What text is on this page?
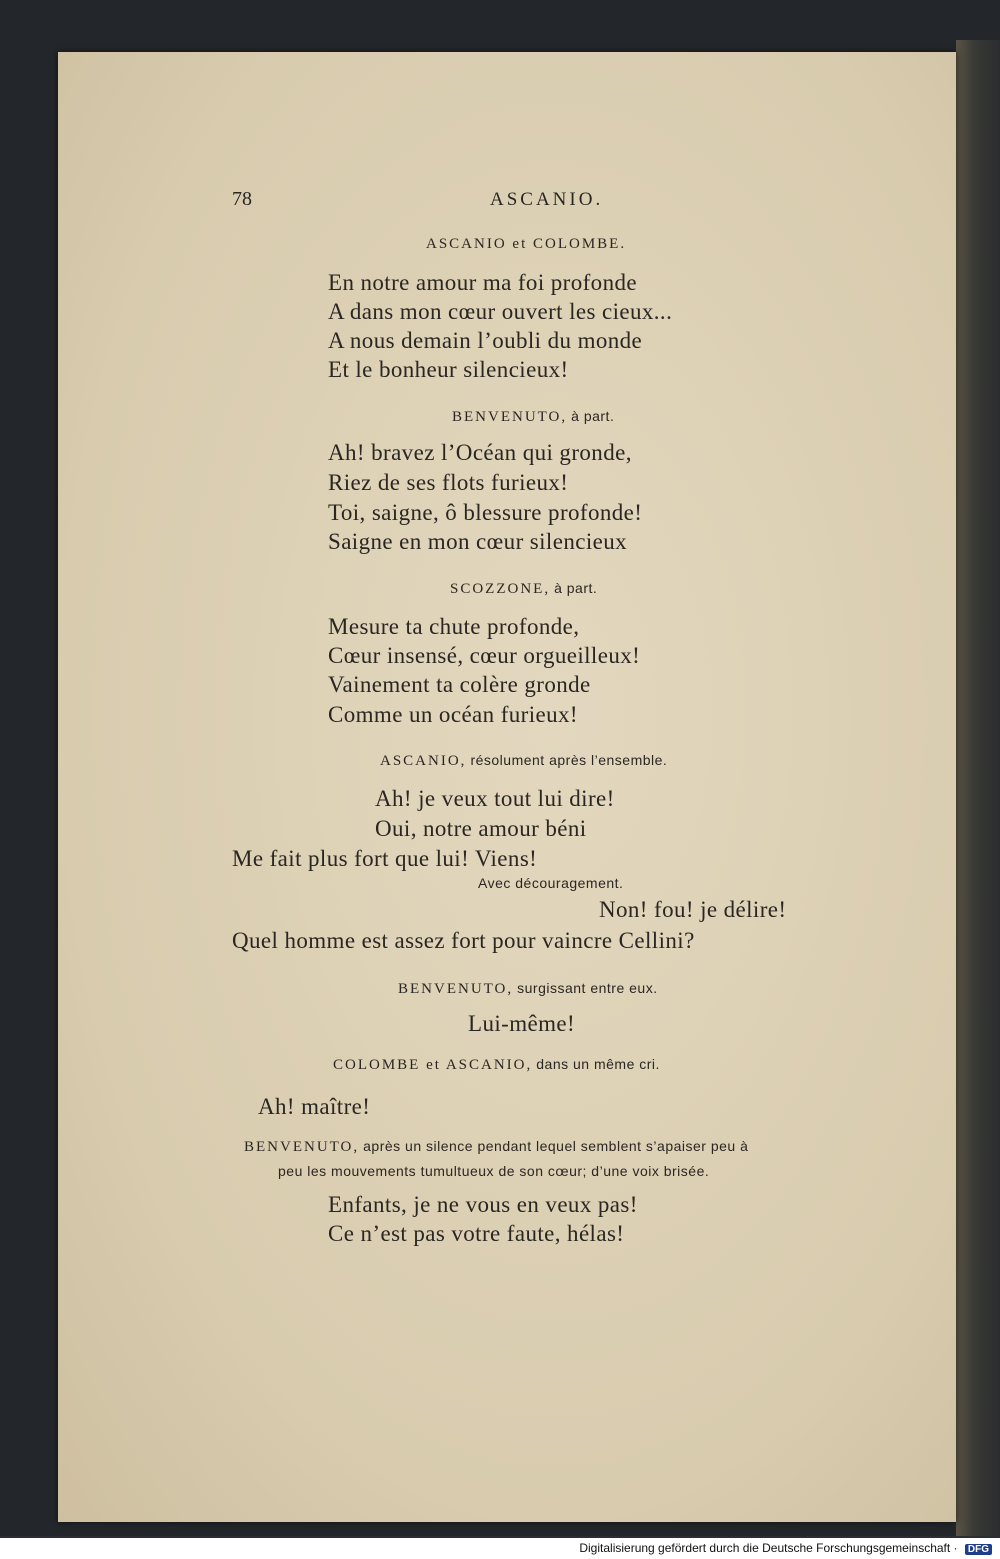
78	ASCANIO.
ASCANIO et COLOMBE.
En notre amour ma foi profonde
A dans mon cœur ouvert les cieux...
A nous demain l’oubli du monde
Et le bonheur silencieux!
BENVENUTO, à part.
Ah! bravez l’Océan qui gronde,
Riez de ses flots furieux!
Toi, saigne, ô blessure profonde!
Saigne en mon cœur silencieux
SCOZZONE, à part.
Mesure ta chute profonde,
Cœur insensé, cœur orgueilleux!
Vainement ta colère gronde
Comme un océan furieux!
ASCANIO, résolument après l’ensemble.
Ah! je veux tout lui dire!
Oui, notre amour béni
Me fait plus fort que lui! Viens!
Avec découragement.
Non! fou! je délire!
Quel homme est assez fort pour vaincre Cellini?
BENVENUTO, surgissant entre eux.
Lui-même!
COLOMBE et ASCANIO, dans un même cri.
Ah! maître!
BENVENUTO, après un silence pendant lequel semblent s’apaiser peu à
peu les mouvements tumultueux de son cœur; d’une voix brisée.
Enfants, je ne vous en veux pas!
Ce n’est pas votre faute, hélas!
Digitalisierung gefördert durch die Deutsche Forschungsgemeinschaft · DFG
